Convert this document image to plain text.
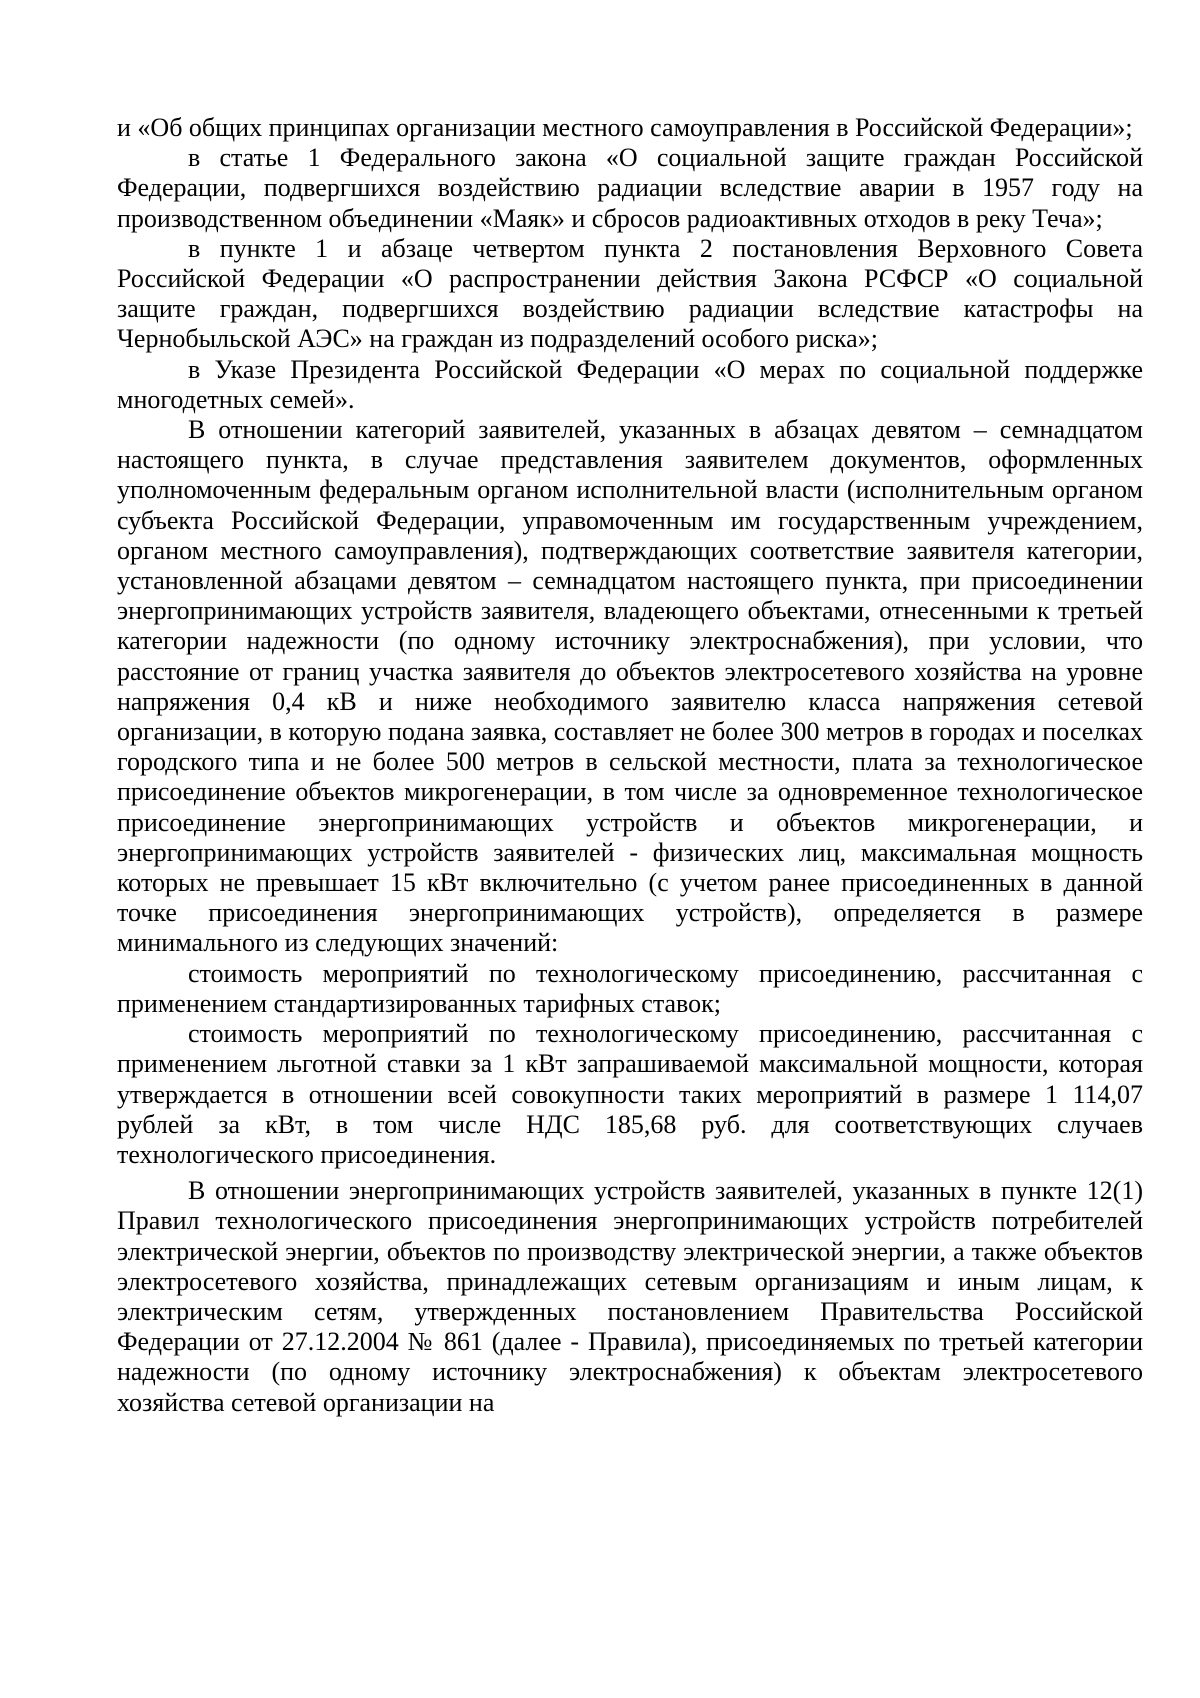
и «Об общих принципах организации местного самоуправления в Российской Федерации»;

в статье 1 Федерального закона «О социальной защите граждан Российской Федерации, подвергшихся воздействию радиации вследствие аварии в 1957 году на производственном объединении «Маяк» и сбросов радиоактивных отходов в реку Теча»;

в пункте 1 и абзаце четвертом пункта 2 постановления Верховного Совета Российской Федерации «О распространении действия Закона РСФСР «О социальной защите граждан, подвергшихся воздействию радиации вследствие катастрофы на Чернобыльской АЭС» на граждан из подразделений особого риска»;

в Указе Президента Российской Федерации «О мерах по социальной поддержке многодетных семей».

В отношении категорий заявителей, указанных в абзацах девятом – семнадцатом настоящего пункта, в случае представления заявителем документов, оформленных уполномоченным федеральным органом исполнительной власти (исполнительным органом субъекта Российской Федерации, управомоченным им государственным учреждением, органом местного самоуправления), подтверждающих соответствие заявителя категории, установленной абзацами девятом – семнадцатом настоящего пункта, при присоединении энергопринимающих устройств заявителя, владеющего объектами, отнесенными к третьей категории надежности (по одному источнику электроснабжения), при условии, что расстояние от границ участка заявителя до объектов электросетевого хозяйства на уровне напряжения 0,4 кВ и ниже необходимого заявителю класса напряжения сетевой организации, в которую подана заявка, составляет не более 300 метров в городах и поселках городского типа и не более 500 метров в сельской местности, плата за технологическое присоединение объектов микрогенерации, в том числе за одновременное технологическое присоединение энергопринимающих устройств и объектов микрогенерации, и энергопринимающих устройств заявителей - физических лиц, максимальная мощность которых не превышает 15 кВт включительно (с учетом ранее присоединенных в данной точке присоединения энергопринимающих устройств), определяется в размере минимального из следующих значений:

стоимость мероприятий по технологическому присоединению, рассчитанная с применением стандартизированных тарифных ставок;

стоимость мероприятий по технологическому присоединению, рассчитанная с применением льготной ставки за 1 кВт запрашиваемой максимальной мощности, которая утверждается в отношении всей совокупности таких мероприятий в размере 1 114,07 рублей за кВт, в том числе НДС 185,68 руб. для соответствующих случаев технологического присоединения.

В отношении энергопринимающих устройств заявителей, указанных в пункте 12(1) Правил технологического присоединения энергопринимающих устройств потребителей электрической энергии, объектов по производству электрической энергии, а также объектов электросетевого хозяйства, принадлежащих сетевым организациям и иным лицам, к электрическим сетям, утвержденных постановлением Правительства Российской Федерации от 27.12.2004 № 861 (далее - Правила), присоединяемых по третьей категории надежности (по одному источнику электроснабжения) к объектам электросетевого хозяйства сетевой организации на
